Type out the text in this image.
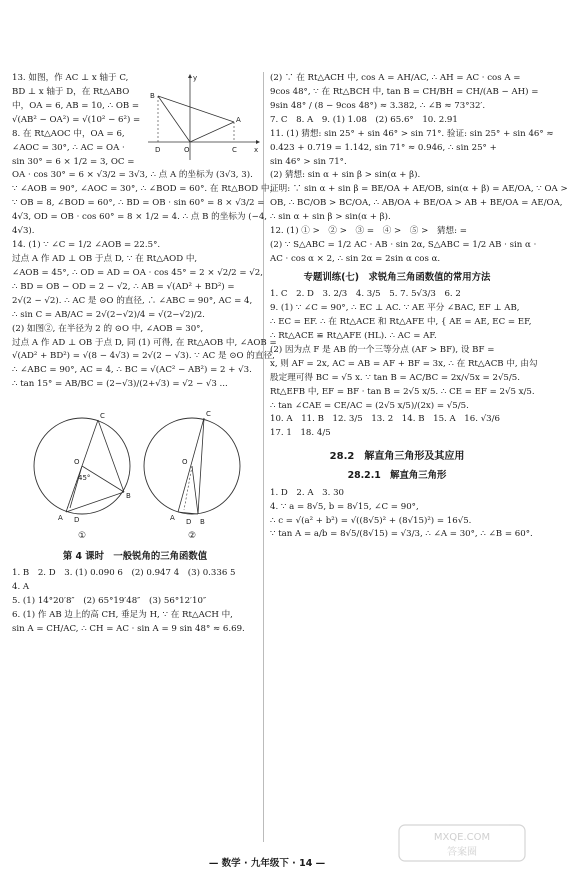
13. 如图，作 AC ⊥ x 轴于 C,
BD ⊥ x 轴于 D，在 Rt△ABO
中，OA = 6, AB = 10, ∴ OB =
√(AB² − OA²) = √(10² − 6²) =
8. 在 Rt△AOC 中，OA = 6,
∠AOC = 30°, ∴ AC = OA ·
sin 30° = 6 × 1/2 = 3, OC =
OA · cos 30° = 6 × √3/2 = 3√3, ∴ 点 A 的坐标为 (3√3, 3).
∵ ∠AOB = 90°, ∠AOC = 30°, ∴ ∠BOD = 60°. 在 Rt△BOD 中，
∵ OB = 8, ∠BOD = 60°, ∴ BD = OB · sin 60° = 8 × √3/2 =
4√3, OD = OB · cos 60° = 8 × 1/2 = 4. ∴ 点 B 的坐标为 (−4,
4√3).
14. (1) ∵ ∠C = 1/2 ∠AOB = 22.5°.
过点 A 作 AD ⊥ OB 于点 D, ∵ 在 Rt△AOD 中,
∠AOB = 45°, ∴ OD = AD = OA · cos 45° = 2 × √2/2 = √2,
∴ BD = OB − OD = 2 − √2, ∴ AB = √(AD² + BD²) =
2√(2 − √2). ∴ AC 是 ⊙O 的直径, ∴ ∠ABC = 90°, AC = 4,
∴ sin C = AB/AC = 2√(2−√2)/4 = √(2−√2)/2.
(2) 如图②, 在半径为 2 的 ⊙O 中, ∠AOB = 30°,
过点 A 作 AD ⊥ OB 于点 D, 同 (1) 可得, 在 Rt△AOB 中, ∠AOB =
√(AD² + BD²) = √(8 − 4√3) = 2√(2 − √3). ∵ AC 是 ⊙O 的直径,
∴ ∠ABC = 90°, AC = 4, ∴ BC = √(AC² − AB²) = 2 + √3.
∴ tan 15° = AB/BC = (2−√3)/(2+√3) = √2 − √3 ...
y
x
B
A
D	O	C
C
O
45°
A D
B
①
C
O
A D B
②
第 4 课时　一般锐角的三角函数值
1. B　2. D　3. (1) 0.090 6　(2) 0.947 4　(3) 0.336 5
4. A
5. (1) 14°20′8″　(2) 65°19′48″　(3) 56°12′10″
6. (1) 作 AB 边上的高 CH, 垂足为 H, ∵ 在 Rt△ACH 中,
sin A = CH/AC, ∴ CH = AC · sin A = 9 sin 48° ≈ 6.69.
(2) ∵ 在 Rt△ACH 中, cos A = AH/AC, ∴ AH = AC · cos A =
9cos 48°, ∵ 在 Rt△BCH 中, tan B = CH/BH = CH/(AB − AH) =
9sin 48° / (8 − 9cos 48°) ≈ 3.382, ∴ ∠B ≈ 73°32′.
7. C　8. A　9. (1) 1.08　(2) 65.6°　10. 2.91
11. (1) 猜想: sin 25° + sin 46° > sin 71°. 验证: sin 25° + sin 46° ≈
0.423 + 0.719 = 1.142, sin 71° ≈ 0.946, ∴ sin 25° +
sin 46° > sin 71°.
(2) 猜想: sin α + sin β > sin(α + β).
证明: ∵ sin α + sin β = BE/OA + AE/OB, sin(α + β) = AE/OA, ∵ OA >
OB, ∴ BC/OB > BC/OA, ∴ AB/OA + BE/OA > AB + BE/OA = AE/OA,
∴ sin α + sin β > sin(α + β).
12. (1) ① >　② >　③ =　④ >　⑤ >　猜想: =
(2) ∵ S△ABC = 1/2 AC · AB · sin 2α, S△ABC = 1/2 AB · sin α ·
AC · cos α × 2, ∴ sin 2α = 2sin α cos α.
专题训练(七)　求锐角三角函数值的常用方法
1. C　2. D　3. 2/3　4. 3/5　5. 7. 5√3/3　6. 2
9. (1) ∵ ∠C = 90°, ∴ EC ⊥ AC. ∵ AE 平分 ∠BAC, EF ⊥ AB,
∴ EC = EF. ∴ 在 Rt△ACE 和 Rt△AFE 中, { AE = AE, EC = EF,
∴ Rt△ACE ≌ Rt△AFE (HL). ∴ AC = AF.
(2) 因为点 F 是 AB 的一个三等分点 (AF > BF), 设 BF =
x, 则 AF = 2x, AC = AB = AF + BF = 3x, ∴ 在 Rt△ACB 中, 由勾
股定理可得 BC = √5 x. ∵ tan B = AC/BC = 2x/√5x = 2√5/5.
Rt△EFB 中, EF = BF · tan B = 2√5 x/5. ∴ CE = EF = 2√5 x/5.
∴ tan ∠CAE = CE/AC = (2√5 x/5)/(2x) = √5/5.
10. A　11. B　12. 3/5　13. 2　14. B　15. A　16. √3/6
17. 1　18. 4/5
28.2　解直角三角形及其应用
28.2.1　解直角三角形
1. D　2. A　3. 30
4. ∵ a = 8√5, b = 8√15, ∠C = 90°,
∴ c = √(a² + b²) = √((8√5)² + (8√15)²) = 16√5.
∵ tan A = a/b = 8√5/(8√15) = √3/3, ∴ ∠A = 30°, ∴ ∠B = 60°.
— 数学 · 九年级下 · 14 —
MXQE.COM
答案圈
